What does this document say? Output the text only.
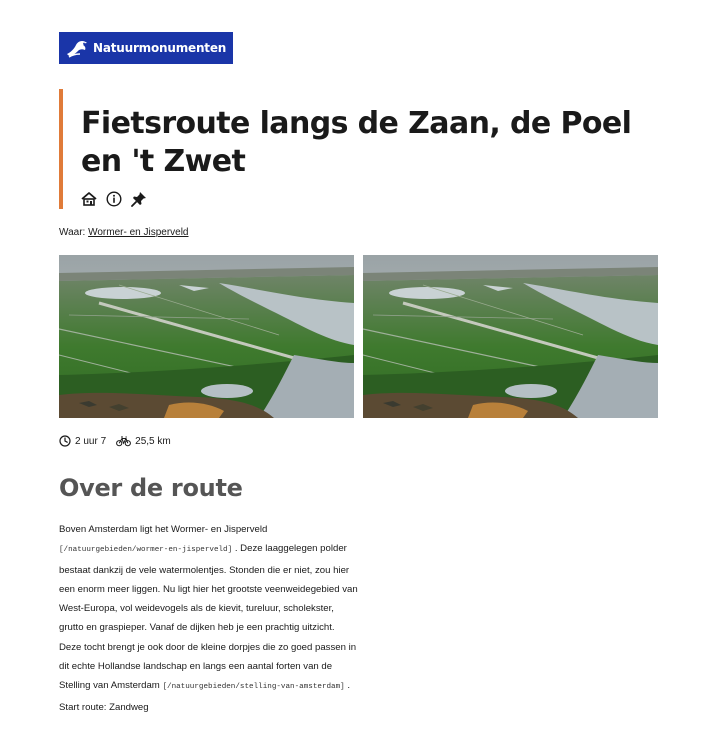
Natuurmonumenten
Fietsroute langs de Zaan, de Poel en 't Zwet
Waar: Wormer- en Jisperveld
2 uur 7	25,5 km
Over de route

Boven Amsterdam ligt het Wormer- en Jisperveld [/natuurgebieden/wormer-en-jisperveld] . Deze laaggelegen polder bestaat dankzij de vele watermolentjes. Stonden die er niet, zou hier een enorm meer liggen. Nu ligt hier het grootste veenweidegebied van West-Europa, vol weidevogels als de kievit, tureluur, scholekster, grutto en graspieper. Vanaf de dijken heb je een prachtig uitzicht. Deze tocht brengt je ook door de kleine dorpjes die zo goed passen in dit echte Hollandse landschap en langs een aantal forten van de Stelling van Amsterdam [/natuurgebieden/stelling-van-amsterdam] . Start route: Zandweg
